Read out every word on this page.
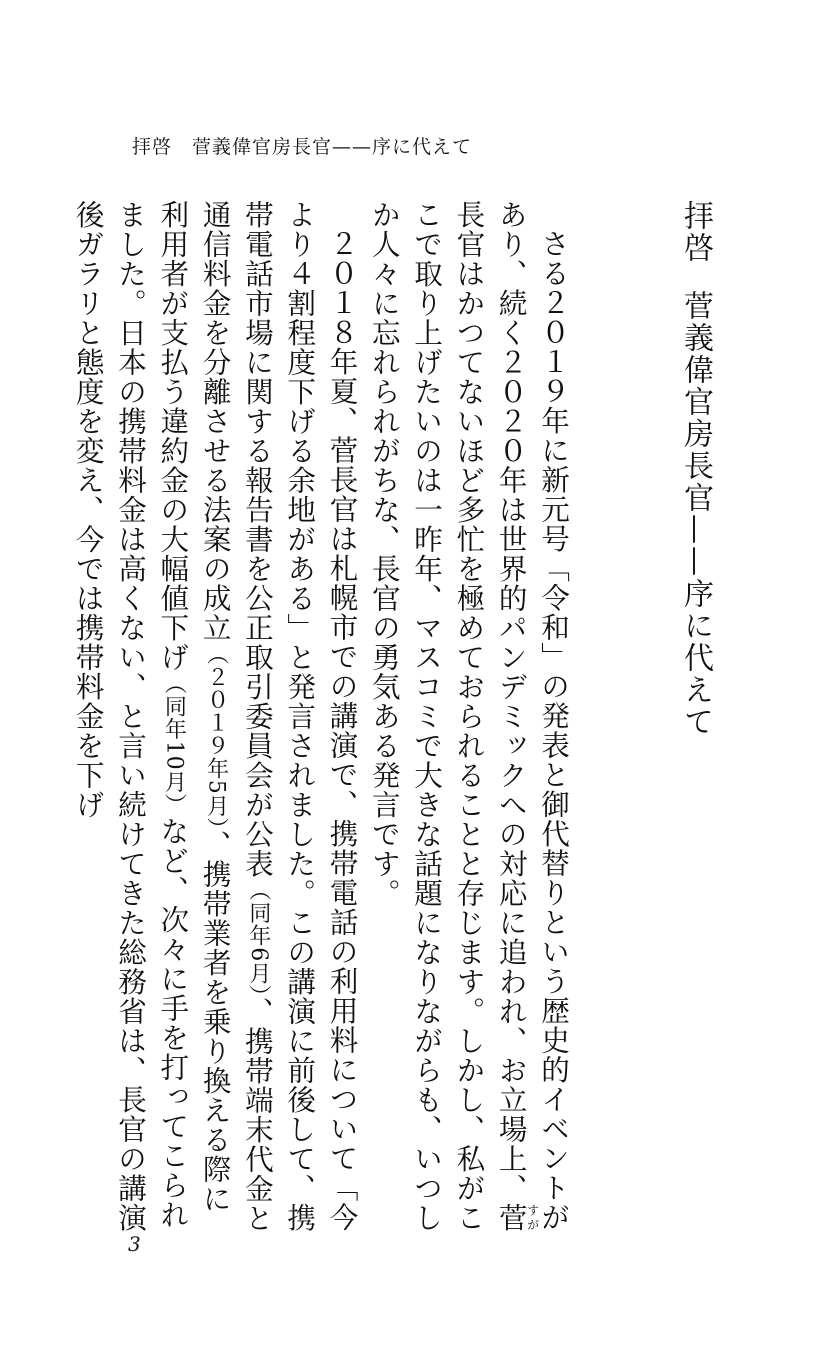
拝啓　菅義偉官房長官——序に代えて
拝啓菅義偉官房長官——序に代えて

さる２０１９年に新元号「令和」の発表と御代替りという歴史的イベントがあり、続く２０２０年は世界的パンデミックへの対応に追われ、お立場上、菅すが長官はかつてないほど多忙を極めておられることと存じます。しかし、私がここで取り上げたいのは一昨年、マスコミで大きな話題になりながらも、いつしか人々に忘れられがちな、長官の勇気ある発言です。

２０１８年夏、菅長官は札幌市での講演で、携帯電話の利用料について「今より４割程度下げる余地がある」と発言されました。この講演に前後して、携帯電話市場に関する報告書を公正取引委員会が公表（同年6月）、携帯端末代金と通信料金を分離させる法案の成立（２０１９年5月）、携帯業者を乗り換える際に利用者が支払う違約金の大幅値下げ（同年10月）など、次々に手を打ってこられました。日本の携帯料金は高くない、と言い続けてきた総務省は、長官の講演後ガラリと態度を変え、今では携帯料金を下げ

3
